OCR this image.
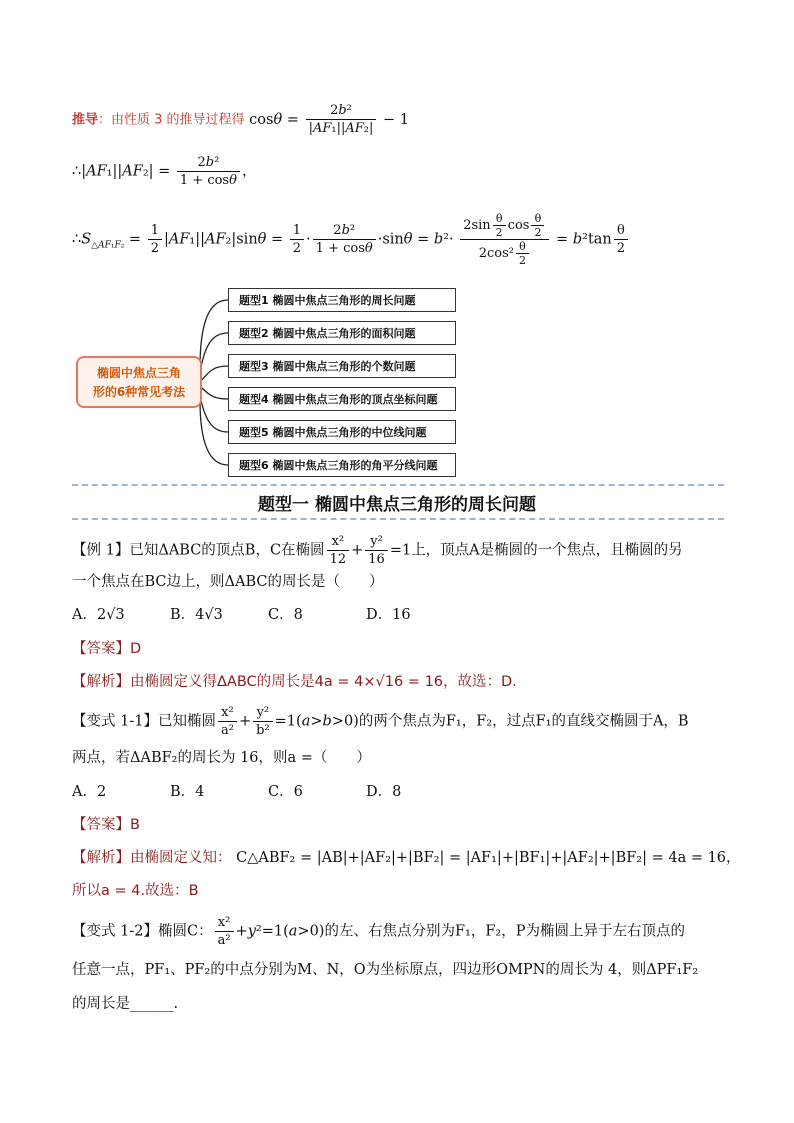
推导：由性质 3 的推导过程得 $\cos\theta = \frac{\text{2b²}}{\text{|AF₁||AF₂|}} - 1$
∴|AF₁||AF₂| = $\frac{\text{2b²}}{1 + \cos\theta}$ ，
$\therefore S_{\triangle AF_1F_2} = \frac{1}{2} |AF_1||AF_2|\sin\theta = \frac{1}{2} \cdot \frac{\text{2b²}}{1 + \cos\theta} \cdot\sin\theta = b^2\cdot \frac{2\sin \frac{\theta}{2} \cos \frac{\theta}{2}}{2\cos^2 \frac{\theta}{2}} = b^2\tan \frac{\theta}{2}$
椭圆中焦点三角
形的6种常见考法
题型1 椭圆中焦点三角形的周长问题
题型2 椭圆中焦点三角形的面积问题
题型3 椭圆中焦点三角形的个数问题
题型4 椭圆中焦点三角形的顶点坐标问题
题型5 椭圆中焦点三角形的中位线问题
题型6 椭圆中焦点三角形的角平分线问题
题型一 椭圆中焦点三角形的周长问题
【例 1】已知ΔABC的顶点B，C在椭圆 $\frac{\text{x²}}{12} + \frac{\text{y²}}{16} =1$上，顶点A是椭圆的一个焦点，且椭圆的另
一个焦点在BC边上，则ΔABC的周长是（　　）
A．2√3	B．4√3	C．8	D．16
【答案】D
【解析】由椭圆定义得ΔABC的周长是4a = 4×√16 = 16，故选：D.
【变式 1-1】已知椭圆 $\frac{\text{x²}}{\text{a²}} + \frac{\text{y²}}{\text{b²}} =1(a>b>0)$的两个焦点为F₁，F₂，过点F₁的直线交椭圆于A，B
两点，若ΔABF₂的周长为 16，则a =（　　）
A．2	B．4	C．6	D．8
【答案】B
【解析】由椭圆定义知： C△ABF₂ = |AB|+|AF₂|+|BF₂| = |AF₁|+|BF₁|+|AF₂|+|BF₂| = 4a = 16，
所以a = 4.故选：B
【变式 1-2】椭圆C： $\frac{\text{x²}}{\text{a²}} +y^2=1(a>0)$的左、右焦点分别为F₁，F₂，P为椭圆上异于左右顶点的
任意一点，PF₁、PF₂的中点分别为M、N，O为坐标原点，四边形OMPN的周长为 4，则ΔPF₁F₂
的周长是______.
